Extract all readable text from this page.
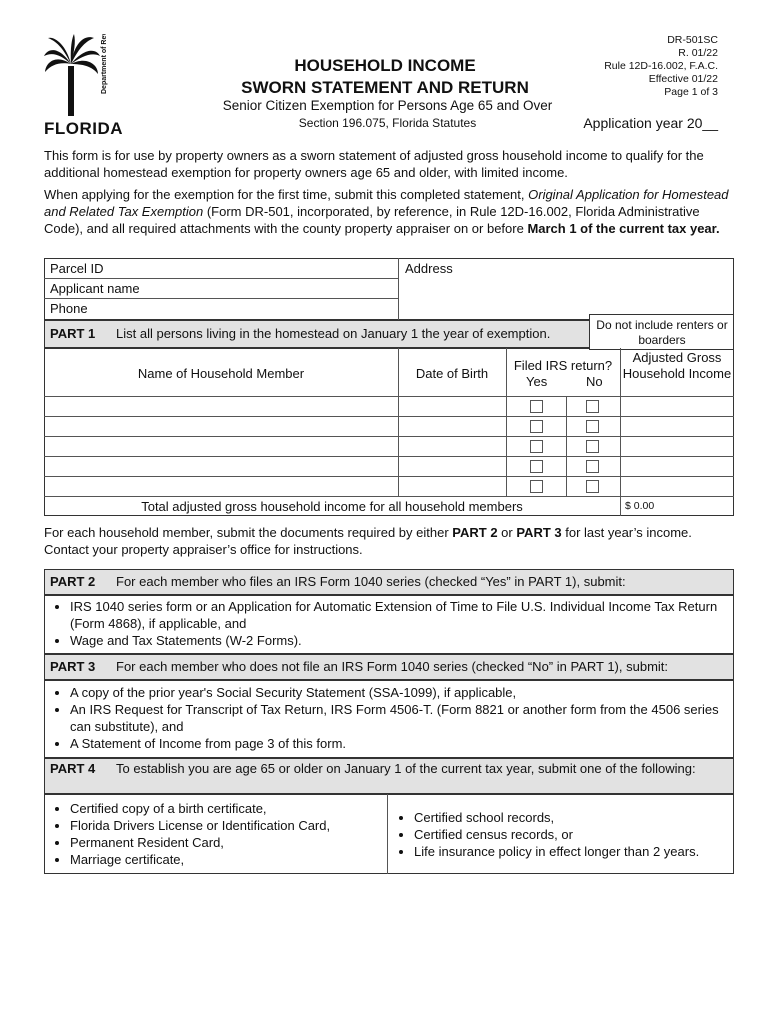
Department of Revenue
FLORIDA
HOUSEHOLD INCOME
SWORN STATEMENT AND RETURN
Senior Citizen Exemption for Persons Age 65 and Over
Section 196.075, Florida Statutes
DR-501SC
R. 01/22
Rule 12D-16.002, F.A.C.
Effective 01/22
Page 1 of 3
Application year 20__

This form is for use by property owners as a sworn statement of adjusted gross household income to qualify for the additional homestead exemption for property owners age 65 and older, with limited income.

When applying for the exemption for the first time, submit this completed statement, Original Application for Homestead and Related Tax Exemption (Form DR-501, incorporated, by reference, in Rule 12D-16.002, Florida Administrative Code), and all required attachments with the county property appraiser on or before March 1 of the current tax year.

Parcel ID
Applicant name
Phone
Address
PART 1 List all persons living in the homestead on January 1 the year of exemption.
Do not include renters or boarders
Name of Household Member	Date of Birth
Filed IRS return?
Yes	No
Adjusted Gross Household Income
Total adjusted gross household income for all household members	$ 0.00

For each household member, submit the documents required by either PART 2 or PART 3 for last year’s income. Contact your property appraiser’s office for instructions.

PART 2 For each member who files an IRS Form 1040 series (checked “Yes” in PART 1), submit:
• IRS 1040 series form or an Application for Automatic Extension of Time to File U.S. Individual Income Tax Return (Form 4868), if applicable, and
• Wage and Tax Statements (W-2 Forms).
PART 3 For each member who does not file an IRS Form 1040 series (checked “No” in PART 1), submit:
• A copy of the prior year's Social Security Statement (SSA-1099), if applicable,
• An IRS Request for Transcript of Tax Return, IRS Form 4506-T. (Form 8821 or another form from the 4506 series can substitute), and
• A Statement of Income from page 3 of this form.
PART 4 To establish you are age 65 or older on January 1 of the current tax year, submit one of the following:
• Certified copy of a birth certificate,
• Florida Drivers License or Identification Card,
• Permanent Resident Card,
• Marriage certificate,
• Certified school records,
• Certified census records, or
• Life insurance policy in effect longer than 2 years.
